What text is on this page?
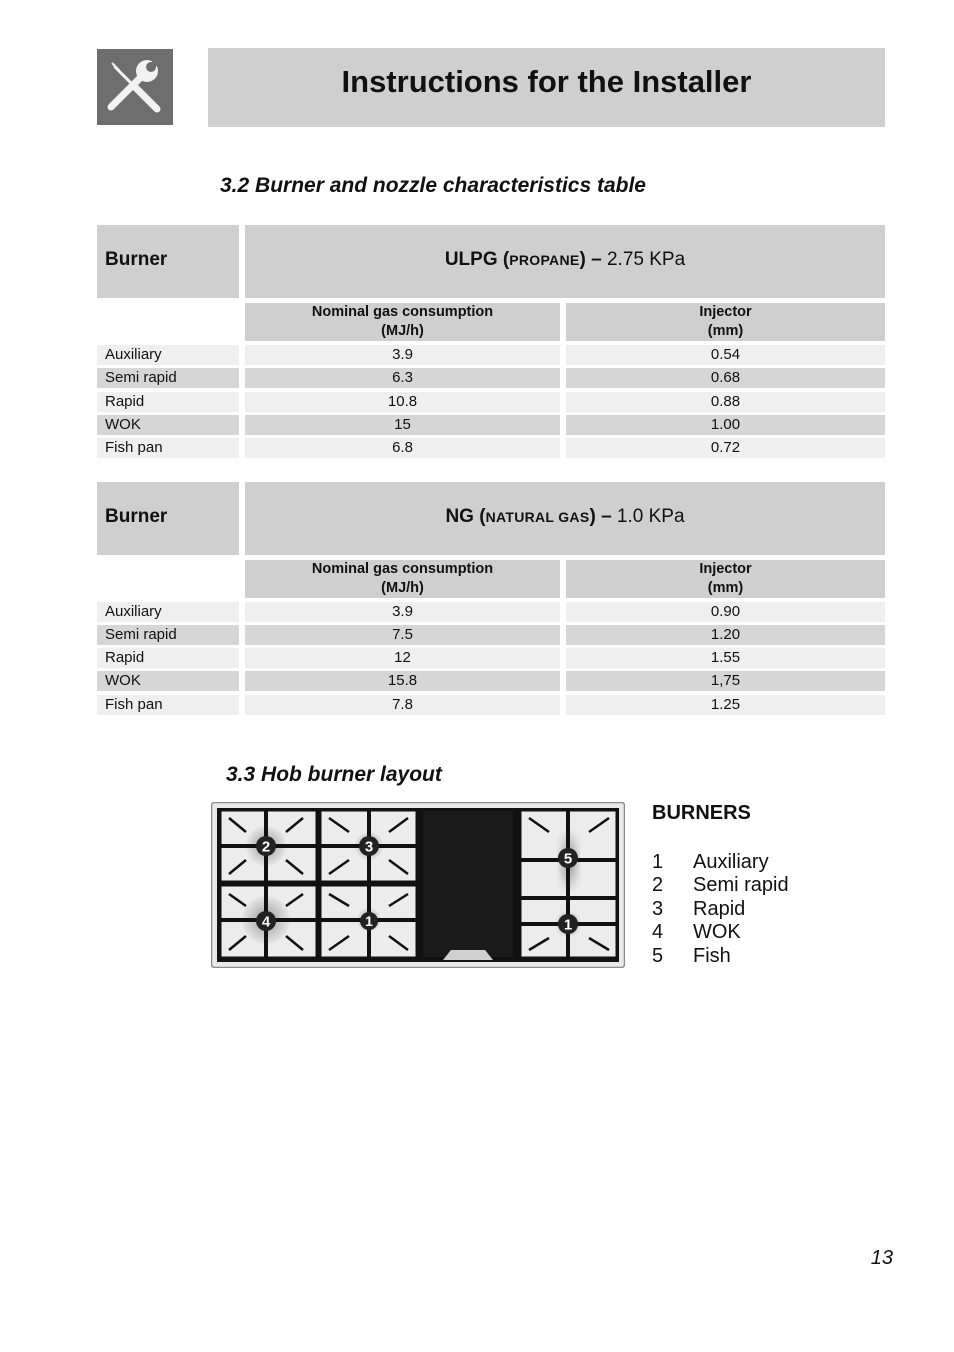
Instructions for the Installer
3.2 Burner and nozzle characteristics table
Burner	ULPG (PROPANE) – 2.75 KPa
Nominal gas consumption
(MJ/h)
Injector
(mm)
Auxiliary	3.9	0.54
Semi rapid	6.3	0.68
Rapid	10.8	0.88
WOK	15	1.00
Fish pan	6.8	0.72
Burner	NG (NATURAL GAS) – 1.0 KPa
Nominal gas consumption
(MJ/h)
Injector
(mm)
Auxiliary	3.9	0.90
Semi rapid	7.5	1.20
Rapid	12	1.55
WOK	15.8	1,75
Fish pan	7.8	1.25
3.3 Hob burner layout
2	3
4	1
5
1
BURNERS
1	Auxiliary
2	Semi rapid
3	Rapid
4	WOK
5	Fish
13
